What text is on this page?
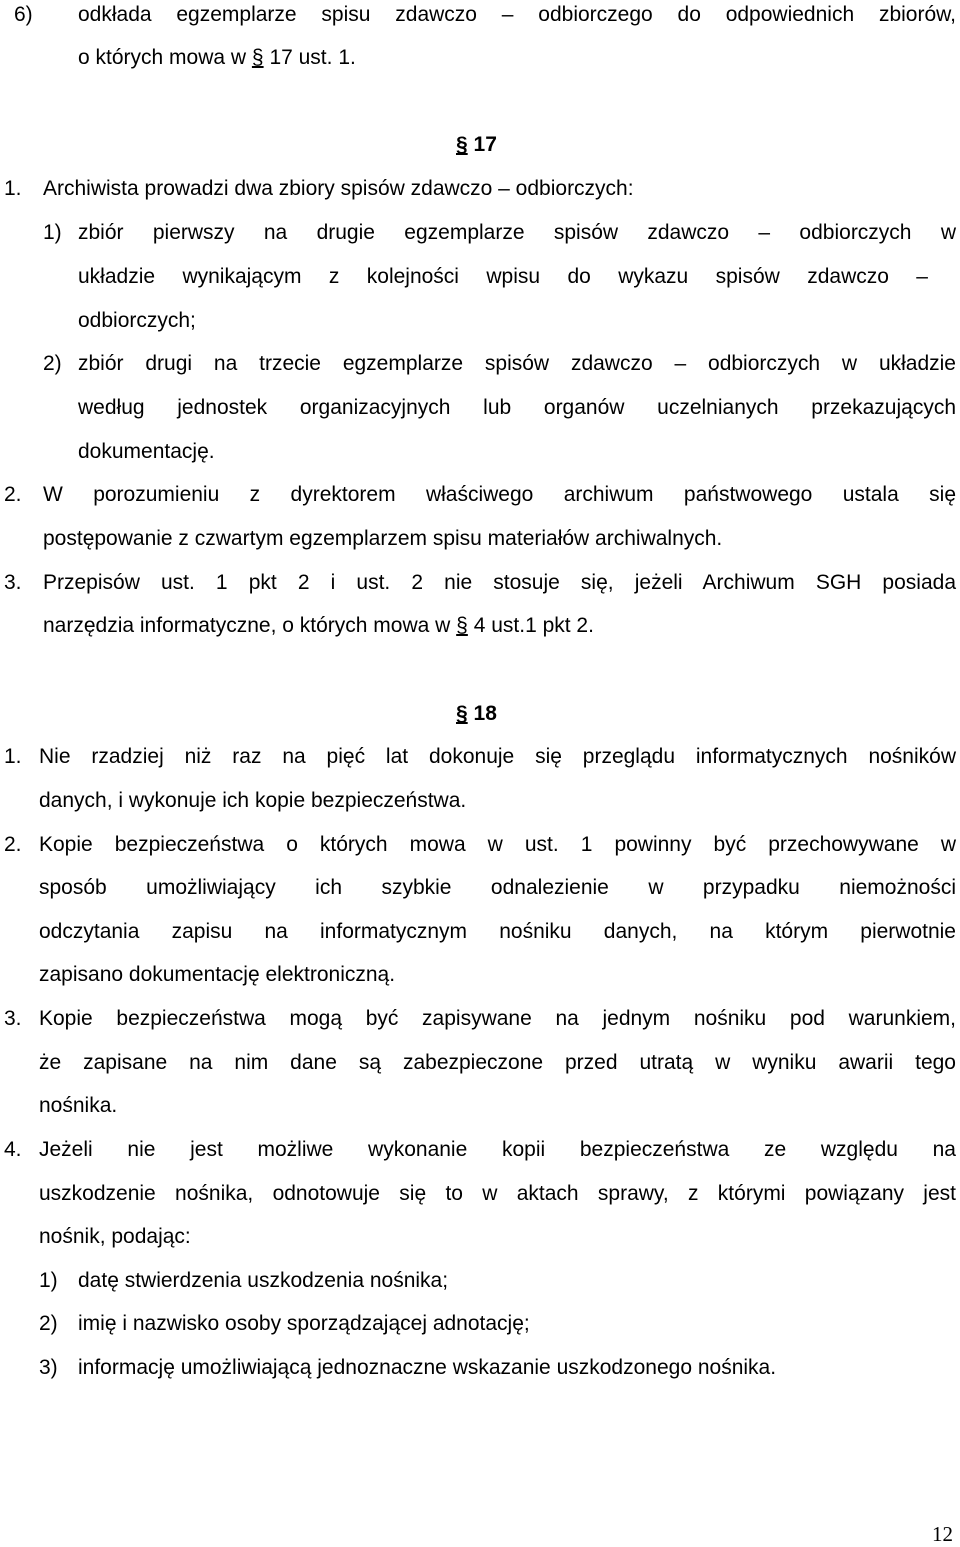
6) odkłada egzemplarze spisu zdawczo – odbiorczego do odpowiednich zbiorów,
o których mowa w § 17 ust. 1.
§ 17
1. Archiwista prowadzi dwa zbiory spisów zdawczo – odbiorczych:
1) zbiór pierwszy na drugie egzemplarze spisów zdawczo – odbiorczych w
układzie wynikającym z kolejności wpisu do wykazu spisów zdawczo –
odbiorczych;
2) zbiór drugi na trzecie egzemplarze spisów zdawczo – odbiorczych w układzie
według jednostek organizacyjnych lub organów uczelnianych przekazujących
dokumentację.
2. W porozumieniu z dyrektorem właściwego archiwum państwowego ustala się
postępowanie z czwartym egzemplarzem spisu materiałów archiwalnych.
3. Przepisów ust. 1 pkt 2 i ust. 2 nie stosuje się, jeżeli Archiwum SGH posiada
narzędzia informatyczne, o których mowa w § 4 ust.1 pkt 2.
§ 18
1. Nie rzadziej niż raz na pięć lat dokonuje się przeglądu informatycznych nośników
danych, i wykonuje ich kopie bezpieczeństwa.
2. Kopie bezpieczeństwa o których mowa w ust. 1 powinny być przechowywane w
sposób umożliwiający ich szybkie odnalezienie w przypadku niemożności
odczytania zapisu na informatycznym nośniku danych, na którym pierwotnie
zapisano dokumentację elektroniczną.
3. Kopie bezpieczeństwa mogą być zapisywane na jednym nośniku pod warunkiem,
że zapisane na nim dane są zabezpieczone przed utratą w wyniku awarii tego
nośnika.
4. Jeżeli nie jest możliwe wykonanie kopii bezpieczeństwa ze względu na
uszkodzenie nośnika, odnotowuje się to w aktach sprawy, z którymi powiązany jest
nośnik, podając:
1) datę stwierdzenia uszkodzenia nośnika;
2) imię i nazwisko osoby sporządzającej adnotację;
3) informację umożliwiającą jednoznaczne wskazanie uszkodzonego nośnika.
12
